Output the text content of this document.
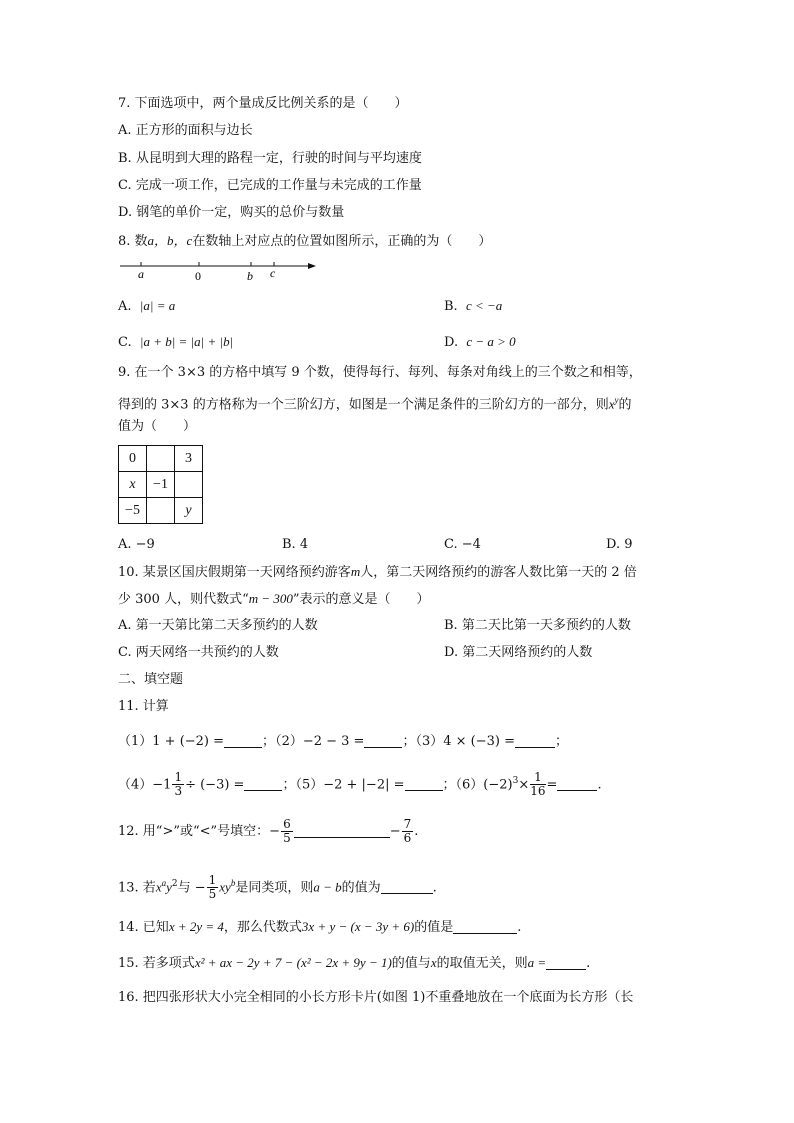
7. 下面选项中，两个量成反比例关系的是（　　）
A. 正方形的面积与边长
B. 从昆明到大理的路程一定，行驶的时间与平均速度
C. 完成一项工作，已完成的工作量与未完成的工作量
D. 钢笔的单价一定，购买的总价与数量
8. 数a，b，c在数轴上对应点的位置如图所示，正确的为（　　）
a	0	b c
A. |a| = a	B. c < −a
C. |a + b| = |a| + |b|	D. c − a > 0
9. 在一个 3×3 的方格中填写 9 个数，使得每行、每列、每条对角线上的三个数之和相等，
得到的 3×3 的方格称为一个三阶幻方，如图是一个满足条件的三阶幻方的一部分，则$x^y$的
值为（　　）
0		3
x	−1	
−5		y
A. −9	B. 4	C. −4	D. 9
10. 某景区国庆假期第一天网络预约游客m人，第二天网络预约的游客人数比第一天的 2 倍
少 300 人，则代数式“m − 300”表示的意义是（　　）
A. 第一天第比第二天多预约的人数	B. 第二天比第一天多预约的人数
C. 两天网络一共预约的人数	D. 第二天网络预约的人数
二、填空题
11. 计算
（1）1 + (−2) =	；（2）−2 − 3 =	；（3）4 × (−3) =	；
$(4)-1 \frac{1}{3} \div (-3)$ =	；（5）−2 + |−2| =	；$(6)(-2)^3\times \frac{1}{16}$ =	.
12. 用“>”或“<”号填空：− $\frac{6}{5}$	− $\frac{7}{6}$ .
13. 若$x^ay^2$与 − $\frac{1}{5} xy^b$是同类项，则a − b的值为	.
14. 已知x + 2y = 4，那么代数式3x + y − (x − 3y + 6)的值是	.
15. 若多项式x² + ax − 2y + 7 − (x² − 2x + 9y − 1)的值与x的取值无关，则a =	.
16. 把四张形状大小完全相同的小长方形卡片(如图 1)不重叠地放在一个底面为长方形（长
